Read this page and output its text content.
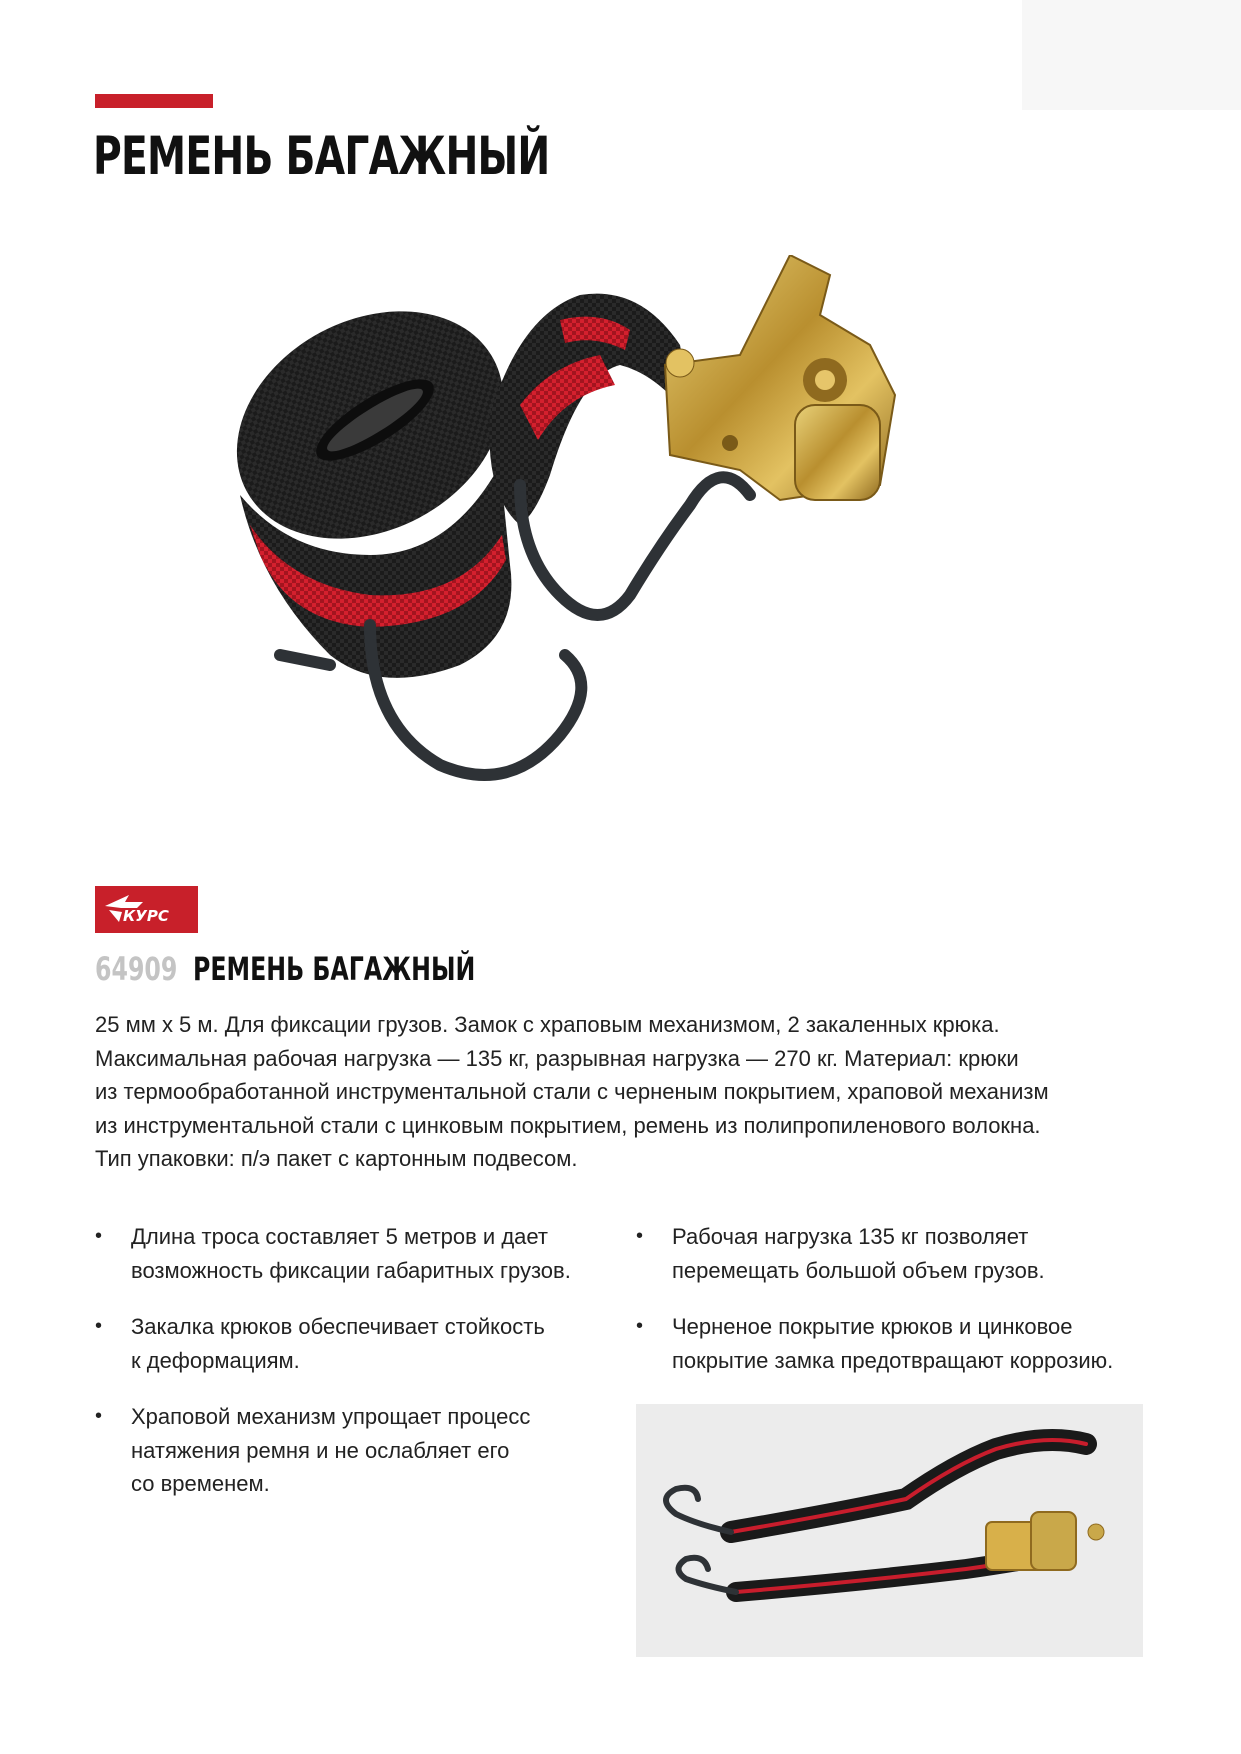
РЕМЕНЬ БАГАЖНЫЙ
КУРС
64909 РЕМЕНЬ БАГАЖНЫЙ
25 мм х 5 м. Для фиксации грузов. Замок с храповым механизмом, 2 закаленных крюка.
Максимальная рабочая нагрузка — 135 кг, разрывная нагрузка — 270 кг. Материал: крюки
из термообработанной инструментальной стали с черненым покрытием, храповой механизм
из инструментальной стали с цинковым покрытием, ремень из полипропиленового волокна.
Тип упаковки: п/э пакет с картонным подвесом.
• Длина троса составляет 5 метров и дает
возможность фиксации габаритных грузов.
• Закалка крюков обеспечивает стойкость
к деформациям.
• Храповой механизм упрощает процесс
натяжения ремня и не ослабляет его
со временем.
• Рабочая нагрузка 135 кг позволяет
перемещать большой объем грузов.
• Черненое покрытие крюков и цинковое
покрытие замка предотвращают коррозию.
